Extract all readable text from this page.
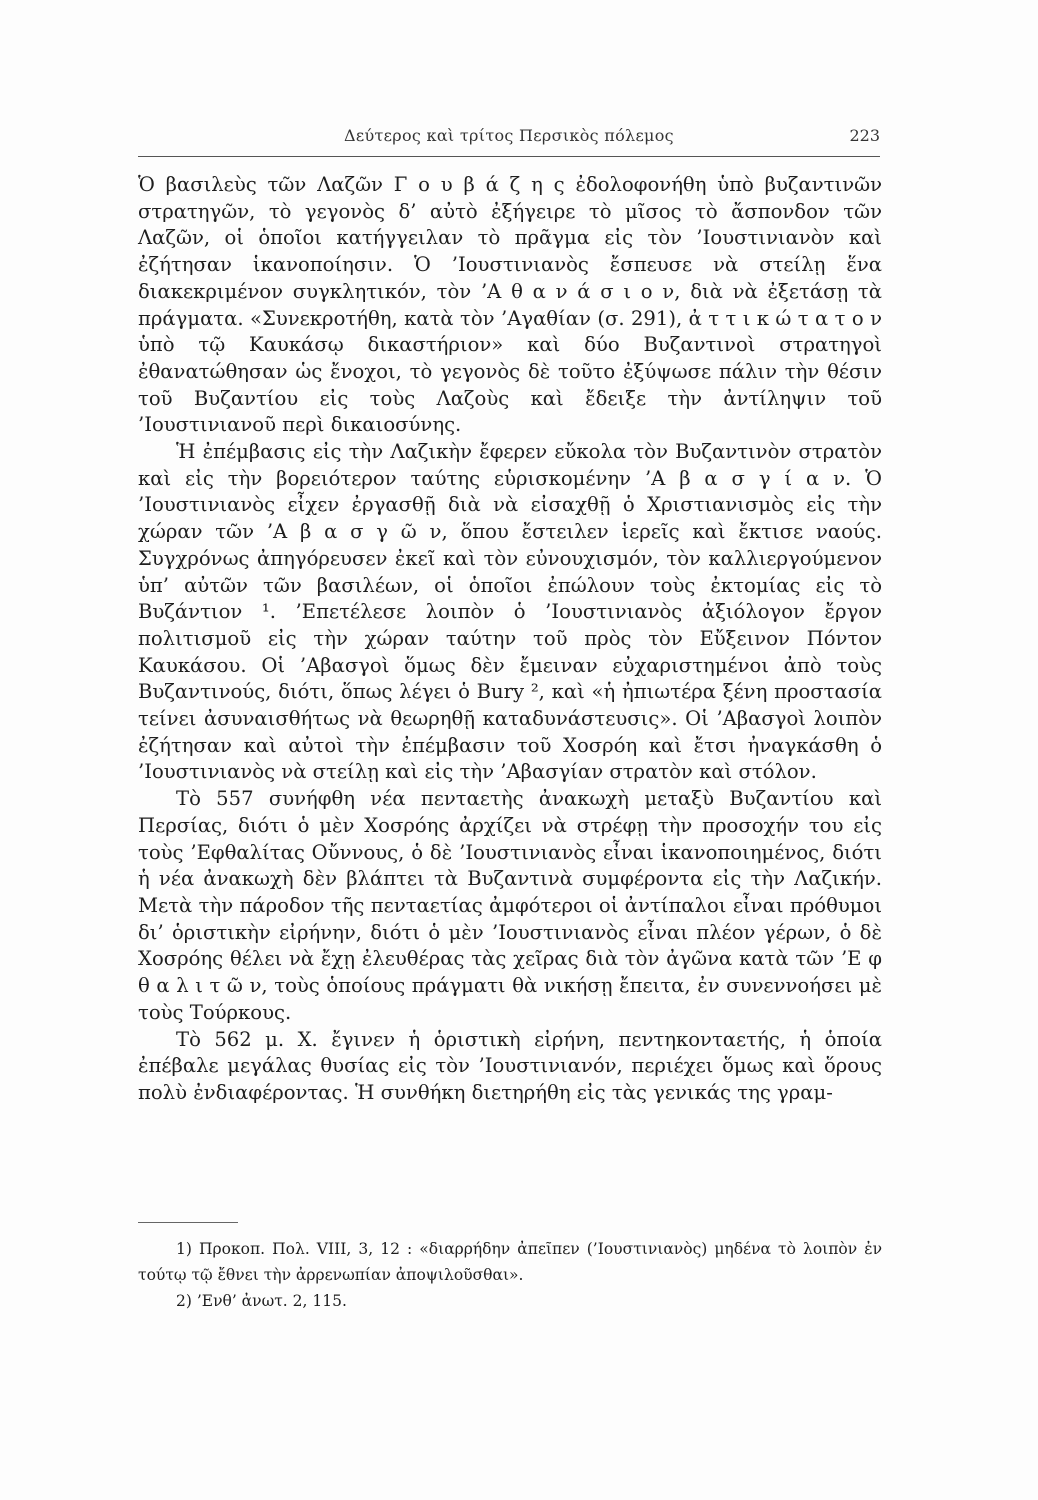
Δεύτερος καὶ τρίτος Περσικὸς πόλεμος	223

Ὁ βασιλεὺς τῶν Λαζῶν Γ ο υ β ά ζ η ς ἐδολοφονήθη ὑπὸ βυζαντινῶν στρατηγῶν, τὸ γεγονὸς δ’ αὐτὸ ἐξήγειρε τὸ μῖσος τὸ ἄσπονδον τῶν Λαζῶν, οἱ ὁποῖοι κατήγγειλαν τὸ πρᾶγμα εἰς τὸν ’Ιουστινιανὸν καὶ ἐζήτησαν ἱκανοποίησιν. Ὁ ’Ιουστινιανὸς ἔσπευσε νὰ στείλῃ ἕνα διακεκριμένον συγκλητικόν, τὸν ’Α θ α ν ά σ ι ο ν, διὰ νὰ ἐξετάσῃ τὰ πράγματα. «Συνεκροτήθη, κατὰ τὸν ’Αγαθίαν (σ. 291), ἀ τ τ ι κ ώ τ α τ ο ν ὑπὸ τῷ Καυκάσῳ δικαστήριον» καὶ δύο Βυζαντινοὶ στρατηγοὶ ἐθανατώθησαν ὡς ἔνοχοι, τὸ γεγονὸς δὲ τοῦτο ἐξύψωσε πάλιν τὴν θέσιν τοῦ Βυζαντίου εἰς τοὺς Λαζοὺς καὶ ἔδειξε τὴν ἀντίληψιν τοῦ ’Ιουστινιανοῦ περὶ δικαιοσύνης.

Ἡ ἐπέμβασις εἰς τὴν Λαζικὴν ἔφερεν εὔκολα τὸν Βυζαντινὸν στρατὸν καὶ εἰς τὴν βορειότερον ταύτης εὑρισκομένην ’Α β α σ γ ί α ν. Ὁ ’Ιουστινιανὸς εἶχεν ἐργασθῇ διὰ νὰ εἰσαχθῇ ὁ Χριστιανισμὸς εἰς τὴν χώραν τῶν ’Α β α σ γ ῶ ν, ὅπου ἔστειλεν ἱερεῖς καὶ ἔκτισε ναούς. Συγχρόνως ἀπηγόρευσεν ἐκεῖ καὶ τὸν εὐνουχισμόν, τὸν καλλιεργούμενον ὑπ’ αὐτῶν τῶν βασιλέων, οἱ ὁποῖοι ἐπώλουν τοὺς ἐκτομίας εἰς τὸ Βυζάντιον ¹. ’Επετέλεσε λοιπὸν ὁ ’Ιουστινιανὸς ἀξιόλογον ἔργον πολιτισμοῦ εἰς τὴν χώραν ταύτην τοῦ πρὸς τὸν Εὔξεινον Πόντον Καυκάσου. Οἱ ’Αβασγοὶ ὅμως δὲν ἔμειναν εὐχαριστημένοι ἀπὸ τοὺς Βυζαντινούς, διότι, ὅπως λέγει ὁ Bury ², καὶ «ἡ ἠπιωτέρα ξένη προστασία τείνει ἀσυναισθήτως νὰ θεωρηθῇ καταδυνάστευσις». Οἱ ’Αβασγοὶ λοιπὸν ἐζήτησαν καὶ αὐτοὶ τὴν ἐπέμβασιν τοῦ Χοσρόη καὶ ἔτσι ἠναγκάσθη ὁ ’Ιουστινιανὸς νὰ στείλῃ καὶ εἰς τὴν ’Αβασγίαν στρατὸν καὶ στόλον.

Τὸ 557 συνήφθη νέα πενταετὴς ἀνακωχὴ μεταξὺ Βυζαντίου καὶ Περσίας, διότι ὁ μὲν Χοσρόης ἀρχίζει νὰ στρέφῃ τὴν προσοχήν του εἰς τοὺς ’Εφθαλίτας Οὔννους, ὁ δὲ ’Ιουστινιανὸς εἶναι ἱκανοποιημένος, διότι ἡ νέα ἀνακωχὴ δὲν βλάπτει τὰ Βυζαντινὰ συμφέροντα εἰς τὴν Λαζικήν. Μετὰ τὴν πάροδον τῆς πενταετίας ἀμφότεροι οἱ ἀντίπαλοι εἶναι πρόθυμοι δι’ ὁριστικὴν εἰρήνην, διότι ὁ μὲν ’Ιουστινιανὸς εἶναι πλέον γέρων, ὁ δὲ Χοσρόης θέλει νὰ ἔχῃ ἐλευθέρας τὰς χεῖρας διὰ τὸν ἀγῶνα κατὰ τῶν ’Ε φ θ α λ ι τ ῶ ν, τοὺς ὁποίους πράγματι θὰ νικήσῃ ἔπειτα, ἐν συνεννοήσει μὲ τοὺς Τούρκους.

Τὸ 562 μ. Χ. ἔγινεν ἡ ὁριστικὴ εἰρήνη, πεντηκονταετής, ἡ ὁποία ἐπέβαλε μεγάλας θυσίας εἰς τὸν ’Ιουστινιανόν, περιέχει ὅμως καὶ ὅρους πολὺ ἐνδιαφέροντας. Ἡ συνθήκη διετηρήθη εἰς τὰς γενικάς της γραμ-

1) Προκοπ. Πολ. VIII, 3, 12 : «διαρρήδην ἀπεῖπεν (’Ιουστινιανὸς) μηδένα τὸ λοιπὸν ἐν τούτῳ τῷ ἔθνει τὴν ἀρρενωπίαν ἀποψιλοῦσθαι».

2) ’Ενθ’ ἀνωτ. 2, 115.
